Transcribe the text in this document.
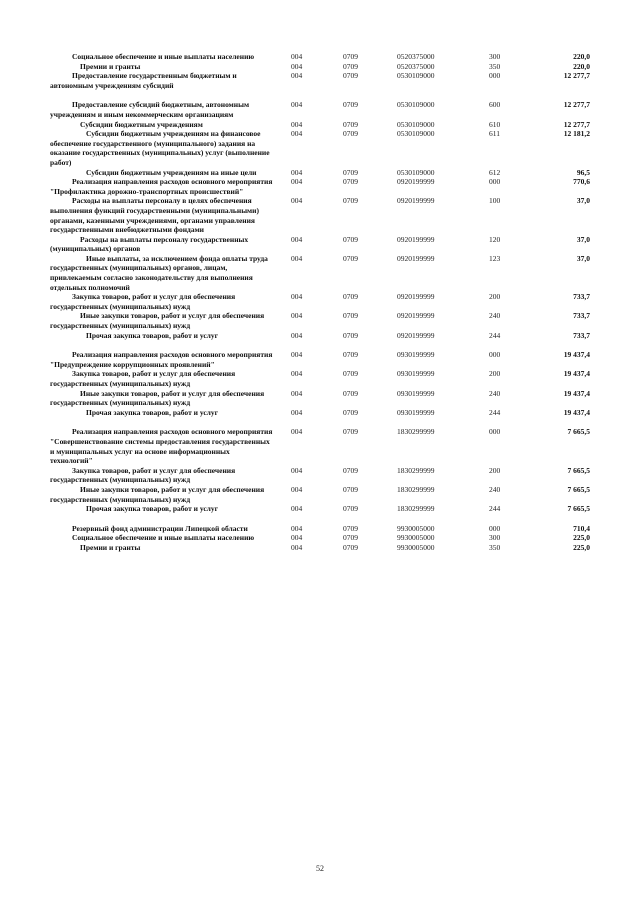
Социальное обеспечение и иные выплаты населению	004	0709	0520375000	300	220,0
Премии и гранты	004	0709	0520375000	350	220,0
Предоставление государственным бюджетным и автономным учреждениям субсидий	004	0709	0530109000	000	12 277,7

Предоставление субсидий бюджетным, автономным учреждениям и иным некоммерческим организациям	004	0709	0530109000	600	12 277,7
Субсидии бюджетным учреждениям	004	0709	0530109000	610	12 277,7
Субсидии бюджетным учреждениям на финансовое обеспечение государственного (муниципального) задания на оказание государственных (муниципальных) услуг (выполнение работ)	004	0709	0530109000	611	12 181,2
Субсидии бюджетным учреждениям на иные цели	004	0709	0530109000	612	96,5
Реализация направления расходов основного мероприятия "Профилактика дорожно-транспортных происшествий"	004	0709	0920199999	000	770,6
Расходы на выплаты персоналу в целях обеспечения выполнения функций государственными (муниципальными) органами, казенными учреждениями, органами управления государственными внебюджетными фондами	004	0709	0920199999	100	37,0
Расходы на выплаты персоналу государственных (муниципальных) органов	004	0709	0920199999	120	37,0
Иные выплаты, за исключением фонда оплаты труда государственных (муниципальных) органов, лицам, привлекаемым согласно законодательству для выполнения отдельных полномочий	004	0709	0920199999	123	37,0
Закупка товаров, работ и услуг для обеспечения государственных (муниципальных) нужд	004	0709	0920199999	200	733,7
Иные закупки товаров, работ и услуг для обеспечения государственных (муниципальных) нужд	004	0709	0920199999	240	733,7
Прочая закупка товаров, работ и услуг	004	0709	0920199999	244	733,7

Реализация направления расходов основного мероприятия "Предупреждение коррупционных проявлений"	004	0709	0930199999	000	19 437,4
Закупка товаров, работ и услуг для обеспечения государственных (муниципальных) нужд	004	0709	0930199999	200	19 437,4
Иные закупки товаров, работ и услуг для обеспечения государственных (муниципальных) нужд	004	0709	0930199999	240	19 437,4
Прочая закупка товаров, работ и услуг	004	0709	0930199999	244	19 437,4

Реализация направления расходов основного мероприятия "Совершенствование системы предоставления государственных и муниципальных услуг на основе информационных технологий"	004	0709	1830299999	000	7 665,5
Закупка товаров, работ и услуг для обеспечения государственных (муниципальных) нужд	004	0709	1830299999	200	7 665,5
Иные закупки товаров, работ и услуг для обеспечения государственных (муниципальных) нужд	004	0709	1830299999	240	7 665,5
Прочая закупка товаров, работ и услуг	004	0709	1830299999	244	7 665,5

Резервный фонд администрации Липецкой области	004	0709	9930005000	000	710,4
Социальное обеспечение и иные выплаты населению	004	0709	9930005000	300	225,0
Премии и гранты	004	0709	9930005000	350	225,0
52
